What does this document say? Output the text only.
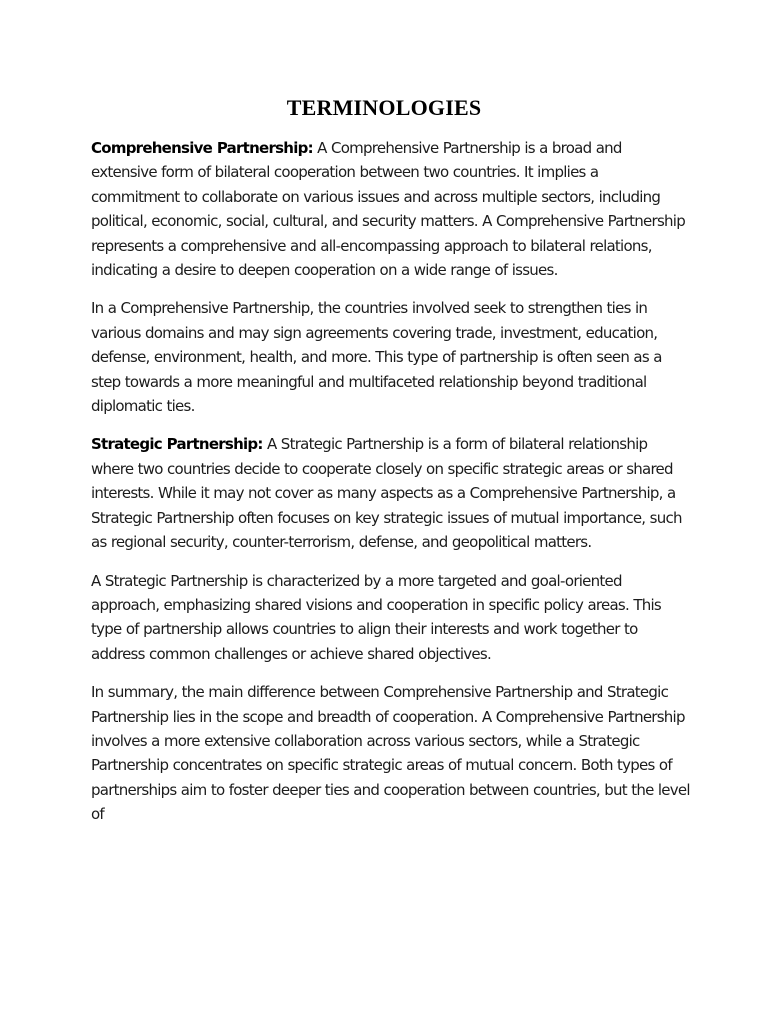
TERMINOLOGIES

Comprehensive Partnership: A Comprehensive Partnership is a broad and extensive form of bilateral cooperation between two countries. It implies a commitment to collaborate on various issues and across multiple sectors, including political, economic, social, cultural, and security matters. A Comprehensive Partnership represents a comprehensive and all-encompassing approach to bilateral relations, indicating a desire to deepen cooperation on a wide range of issues.

In a Comprehensive Partnership, the countries involved seek to strengthen ties in various domains and may sign agreements covering trade, investment, education, defense, environment, health, and more. This type of partnership is often seen as a step towards a more meaningful and multifaceted relationship beyond traditional diplomatic ties.

Strategic Partnership: A Strategic Partnership is a form of bilateral relationship where two countries decide to cooperate closely on specific strategic areas or shared interests. While it may not cover as many aspects as a Comprehensive Partnership, a Strategic Partnership often focuses on key strategic issues of mutual importance, such as regional security, counter-terrorism, defense, and geopolitical matters.

A Strategic Partnership is characterized by a more targeted and goal-oriented approach, emphasizing shared visions and cooperation in specific policy areas. This type of partnership allows countries to align their interests and work together to address common challenges or achieve shared objectives.

In summary, the main difference between Comprehensive Partnership and Strategic Partnership lies in the scope and breadth of cooperation. A Comprehensive Partnership involves a more extensive collaboration across various sectors, while a Strategic Partnership concentrates on specific strategic areas of mutual concern. Both types of partnerships aim to foster deeper ties and cooperation between countries, but the level of
